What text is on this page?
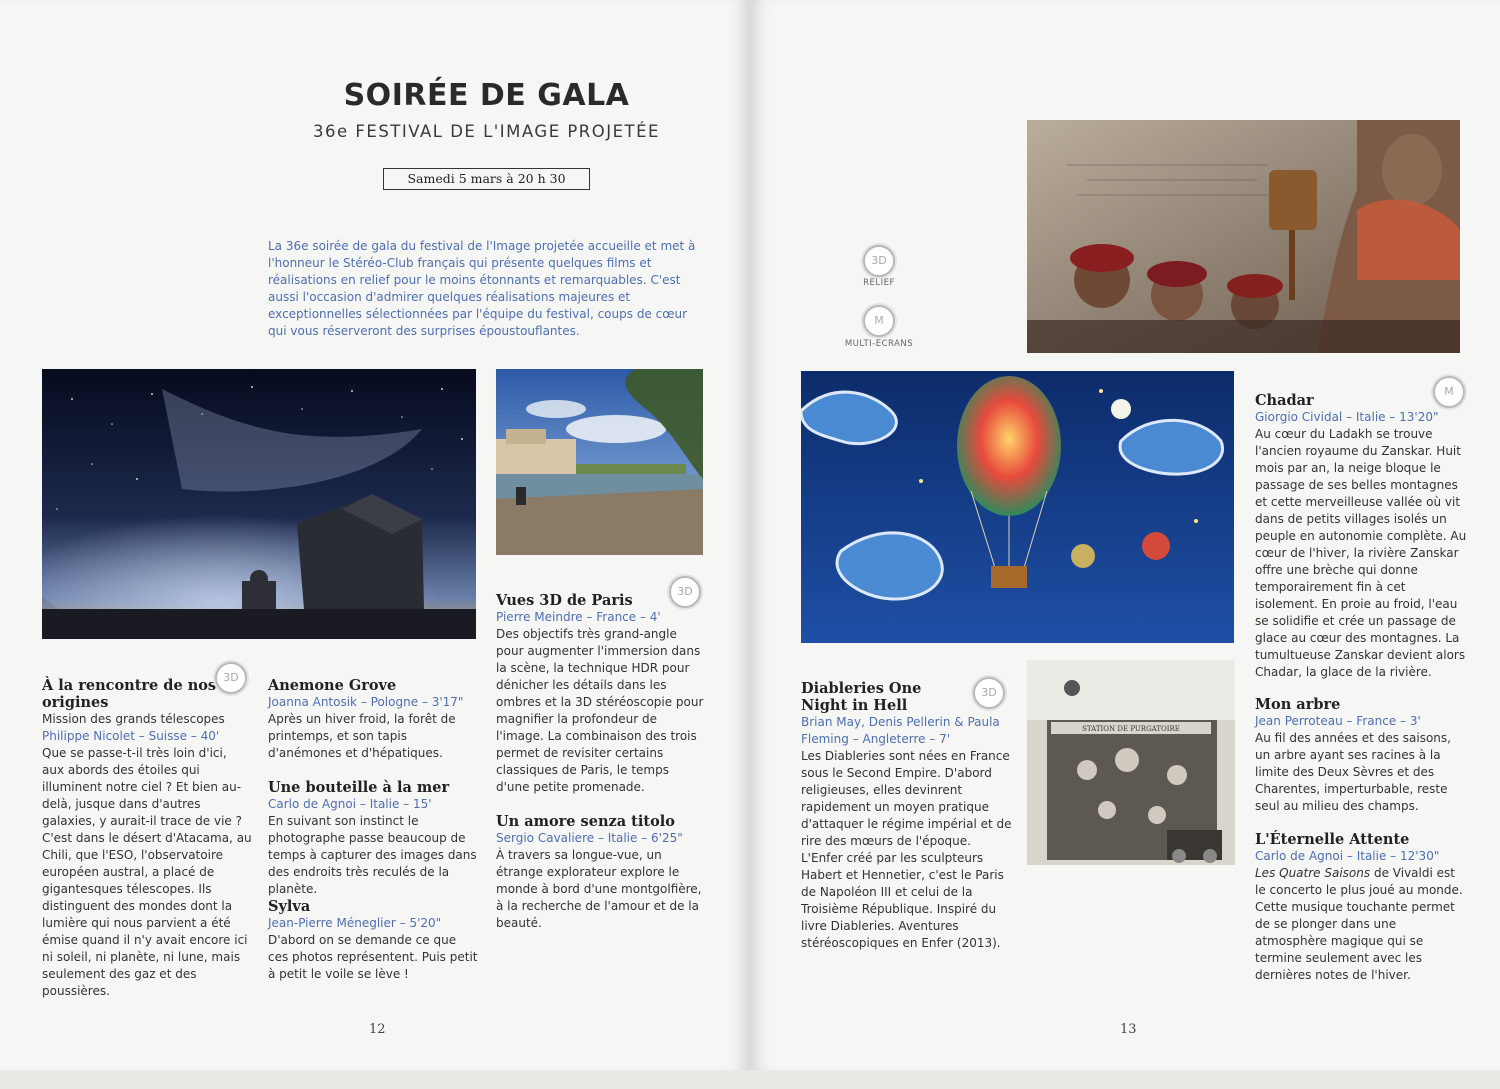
SOIRÉE DE GALA
36e FESTIVAL DE L'IMAGE PROJETÉE
Samedi 5 mars à 20 h 30
La 36e soirée de gala du festival de l'Image projetée accueille et met à l'honneur le Stéréo-Club français qui présente quelques films et réalisations en relief pour le moins étonnants et remarquables. C'est aussi l'occasion d'admirer quelques réalisations majeures et exceptionnelles sélectionnées par l'équipe du festival, coups de cœur qui vous réserveront des surprises époustouflantes.
À la rencontre de nos origines

Mission des grands télescopes

Philippe Nicolet – Suisse – 40'

Que se passe-t-il très loin d'ici, aux abords des étoiles qui illuminent notre ciel ? Et bien au-delà, jusque dans d'autres galaxies, y aurait-il trace de vie ? C'est dans le désert d'Atacama, au Chili, que l'ESO, l'observatoire européen austral, a placé de gigantesques télescopes. Ils distinguent des mondes dont la lumière qui nous parvient a été émise quand il n'y avait encore ici ni soleil, ni planète, ni lune, mais seulement des gaz et des poussières.

3D	Anemone Grove

Joanna Antosik – Pologne – 3'17"

Après un hiver froid, la forêt de printemps, et son tapis d'anémones et d'hépatiques.

Une bouteille à la mer

Carlo de Agnoi – Italie – 15'

En suivant son instinct le photographe passe beaucoup de temps à capturer des images dans des endroits très reculés de la planète.

Sylva

Jean-Pierre Méneglier – 5'20"

D'abord on se demande ce que ces photos représentent. Puis petit à petit le voile se lève !

Vues 3D de Paris

Pierre Meindre – France – 4'

Des objectifs très grand-angle pour augmenter l'immersion dans la scène, la technique HDR pour dénicher les détails dans les ombres et la 3D stéréoscopie pour magnifier la profondeur de l'image. La combinaison des trois permet de revisiter certains classiques de Paris, le temps d'une petite promenade.

3D
Un amore senza titolo

Sergio Cavaliere – Italie – 6'25"

À travers sa longue-vue, un étrange explorateur explore le monde à bord d'une montgolfière, à la recherche de l'amour et de la beauté.

12
3D
RELIEF
M
MULTI-ECRANS
STATION DE PURGATOIRE
Diableries One Night in Hell

Brian May, Denis Pellerin & Paula Fleming – Angleterre – 7'

Les Diableries sont nées en France sous le Second Empire. D'abord religieuses, elles devinrent rapidement un moyen pratique d'attaquer le régime impérial et de rire des mœurs de l'époque. L'Enfer créé par les sculpteurs Habert et Hennetier, c'est le Paris de Napoléon III et celui de la Troisième République. Inspiré du livre Diableries. Aventures stéréoscopiques en Enfer (2013).

3D
Chadar

Giorgio Cividal – Italie – 13'20"

Au cœur du Ladakh se trouve l'ancien royaume du Zanskar. Huit mois par an, la neige bloque le passage de ses belles montagnes et cette merveilleuse vallée où vit dans de petits villages isolés un peuple en autonomie complète. Au cœur de l'hiver, la rivière Zanskar offre une brèche qui donne temporairement fin à cet isolement. En proie au froid, l'eau se solidifie et crée un passage de glace au cœur des montagnes. La tumultueuse Zanskar devient alors Chadar, la glace de la rivière.

M
Mon arbre

Jean Perroteau – France – 3'

Au fil des années et des saisons, un arbre ayant ses racines à la limite des Deux Sèvres et des Charentes, imperturbable, reste seul au milieu des champs.

L'Éternelle Attente

Carlo de Agnoi – Italie – 12'30"

Les Quatre Saisons de Vivaldi est le concerto le plus joué au monde. Cette musique touchante permet de se plonger dans une atmosphère magique qui se termine seulement avec les dernières notes de l'hiver.

13
